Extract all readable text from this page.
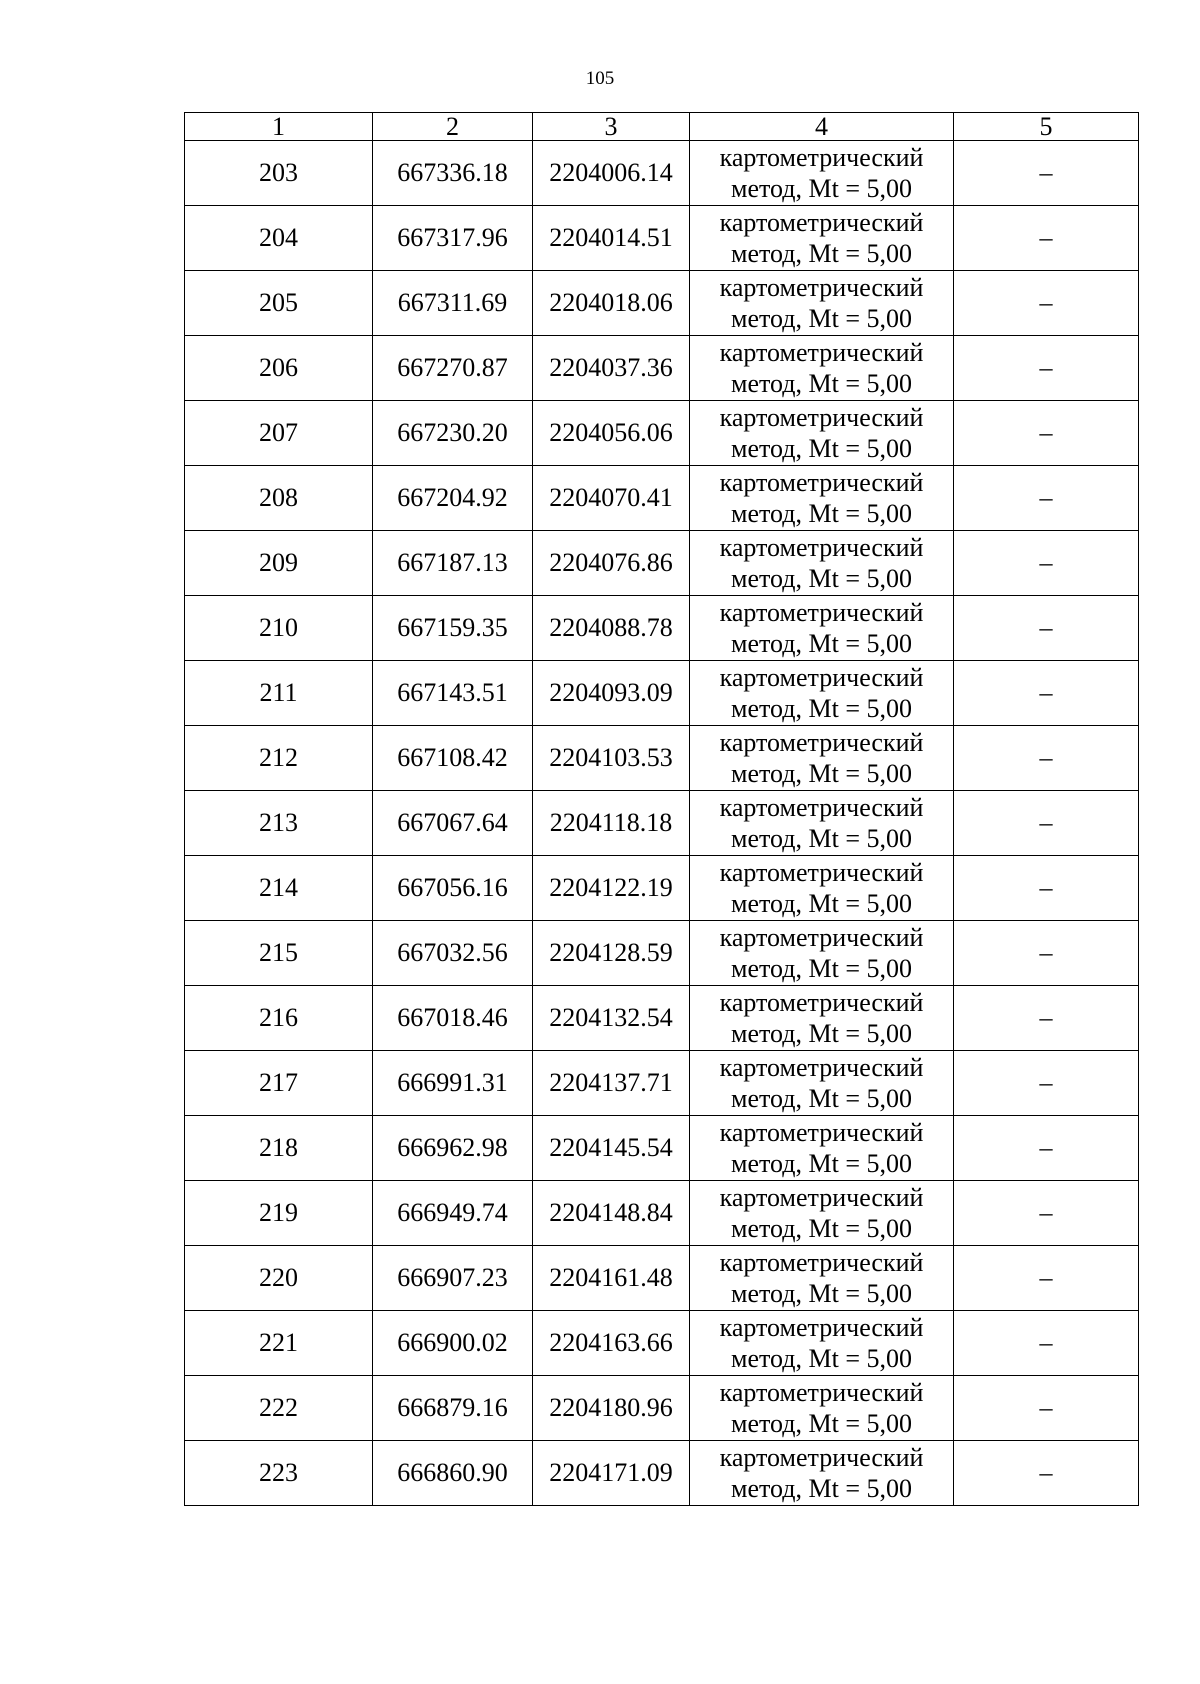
105
1	2	3	4	5
203	667336.18	2204006.14	картометрический
метод, Mt = 5,00	–
204	667317.96	2204014.51	картометрический
метод, Mt = 5,00	–
205	667311.69	2204018.06	картометрический
метод, Mt = 5,00	–
206	667270.87	2204037.36	картометрический
метод, Mt = 5,00	–
207	667230.20	2204056.06	картометрический
метод, Mt = 5,00	–
208	667204.92	2204070.41	картометрический
метод, Mt = 5,00	–
209	667187.13	2204076.86	картометрический
метод, Mt = 5,00	–
210	667159.35	2204088.78	картометрический
метод, Mt = 5,00	–
211	667143.51	2204093.09	картометрический
метод, Mt = 5,00	–
212	667108.42	2204103.53	картометрический
метод, Mt = 5,00	–
213	667067.64	2204118.18	картометрический
метод, Mt = 5,00	–
214	667056.16	2204122.19	картометрический
метод, Mt = 5,00	–
215	667032.56	2204128.59	картометрический
метод, Mt = 5,00	–
216	667018.46	2204132.54	картометрический
метод, Mt = 5,00	–
217	666991.31	2204137.71	картометрический
метод, Mt = 5,00	–
218	666962.98	2204145.54	картометрический
метод, Mt = 5,00	–
219	666949.74	2204148.84	картометрический
метод, Mt = 5,00	–
220	666907.23	2204161.48	картометрический
метод, Mt = 5,00	–
221	666900.02	2204163.66	картометрический
метод, Mt = 5,00	–
222	666879.16	2204180.96	картометрический
метод, Mt = 5,00	–
223	666860.90	2204171.09	картометрический
метод, Mt = 5,00	–
